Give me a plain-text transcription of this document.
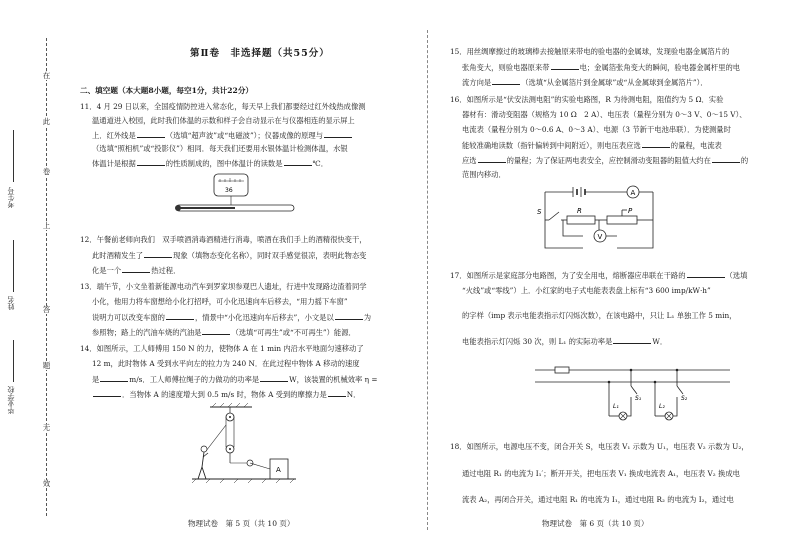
在
此
卷
上
答
题
无
效
考生号
姓名
毕业学校
第Ⅱ卷　非选择题（共55分）
二、填空题（本大题8小题，每空1分，共计22分）
11．4 月 29 日以来，全国疫情防控进入常态化，每天早上我们都要经过红外线热成像测
温通道进入校园，此时我们体温的示数和样子会自动显示在与仪器相连的显示屏上
上．红外线是	（选填“超声波”或“电磁波”）；仪器成像的原理与
（选填“照相机”或“投影仪”）相同．每天我们还要用水银体温计检测体温，水银
体温计是根据	的性质制成的，图中体温计的读数是	℃．
36
12．午餐前老师向我们　双手喷酒消毒酒精进行消毒，喷酒在我们手上的酒精很快变干，
此时酒精发生了	现象（填物态变化名称），同时双手感觉很凉，表明此物态变
化是一个	热过程．
13．端午节，小文坐着新能源电动汽车到罗家坝参观巴人遗址，行进中发现路边渣着同学
小化，他用力将车窗想给小化打招呼，可小化迅速向车后移去，“用力摇下车窗”
说明力可以改变车窗的	，情景中“小化迅速向车后移去”，小文是以	为
参照物；路上的汽油车烧的汽油是	（选填“可再生”或“不可再生”）能源．
14．如图所示，工人师傅用 150 N 的力，使物体 A 在 1 min 内沿水平地面匀速移动了
12 m，此时物体 A 受到水平向左的拉力为 240 N．在此过程中物体 A 移动的速度
是	m/s．工人师傅拉绳子的力做功的功率是	W，该装置的机械效率 η =
．当物体 A 的速度增大到 0.5 m/s 时，物体 A 受到的摩擦力是	N．
A
物理试卷　第 5 页（共 10 页）
15．用丝绸摩擦过的玻璃棒去接触原来带电的验电器的金属球，发现验电器金属箔片的
张角变大，则验电器原来带	电；金属箔张角变大的瞬间，验电器金属杆里的电
流方向是	（选填“从金属箔片到金属球”或“从金属球到金属箔片”）．
16．如图所示是“伏安法测电阻”的实验电路图，R 为待测电阻，阻值约为 5 Ω．实验
器材有：滑动变阻器（规格为 10 Ω　2 A）、电压表（量程分别为 0～3 V、0～15 V）、
电流表（量程分别为 0～0.6 A、0～3 A）、电源（3 节新干电池串联）．为使测量时
能较准确地读数（指针偏转到中间附近），则电压表应选	的量程，电流表
应选	的量程；为了保证两电表安全，应控制滑动变阻器的阻值大约在	的
范围内移动．
A
V
S	R	P
17．如图所示是家庭部分电路图，为了安全用电，熔断器应串联在干路的	（选填
“火线”或“零线”）上．小红家的电子式电能表表盘上标有“3 600 imp/kW·h”
的字样（imp 表示电能表指示灯闪烁次数），在该电路中，只让 L₁ 单独工作 5 min，
电能表指示灯闪烁 30 次，则 L₁ 的实际功率是	W．
L₁	L₂
S₁	S₂
18．如图所示，电源电压不变，闭合开关 S，电压表 V₁ 示数为 U₁，电压表 V₂ 示数为 U₂，
通过电阻 R₁ 的电流为 I₁′；断开开关，把电压表 V₁ 换成电流表 A₁，电压表 V₂ 换成电
流表 A₂，再闭合开关，通过电阻 R₁ 的电流为 I₁，通过电阻 R₂ 的电流为 I₂，通过电
物理试卷　第 6 页（共 10 页）
